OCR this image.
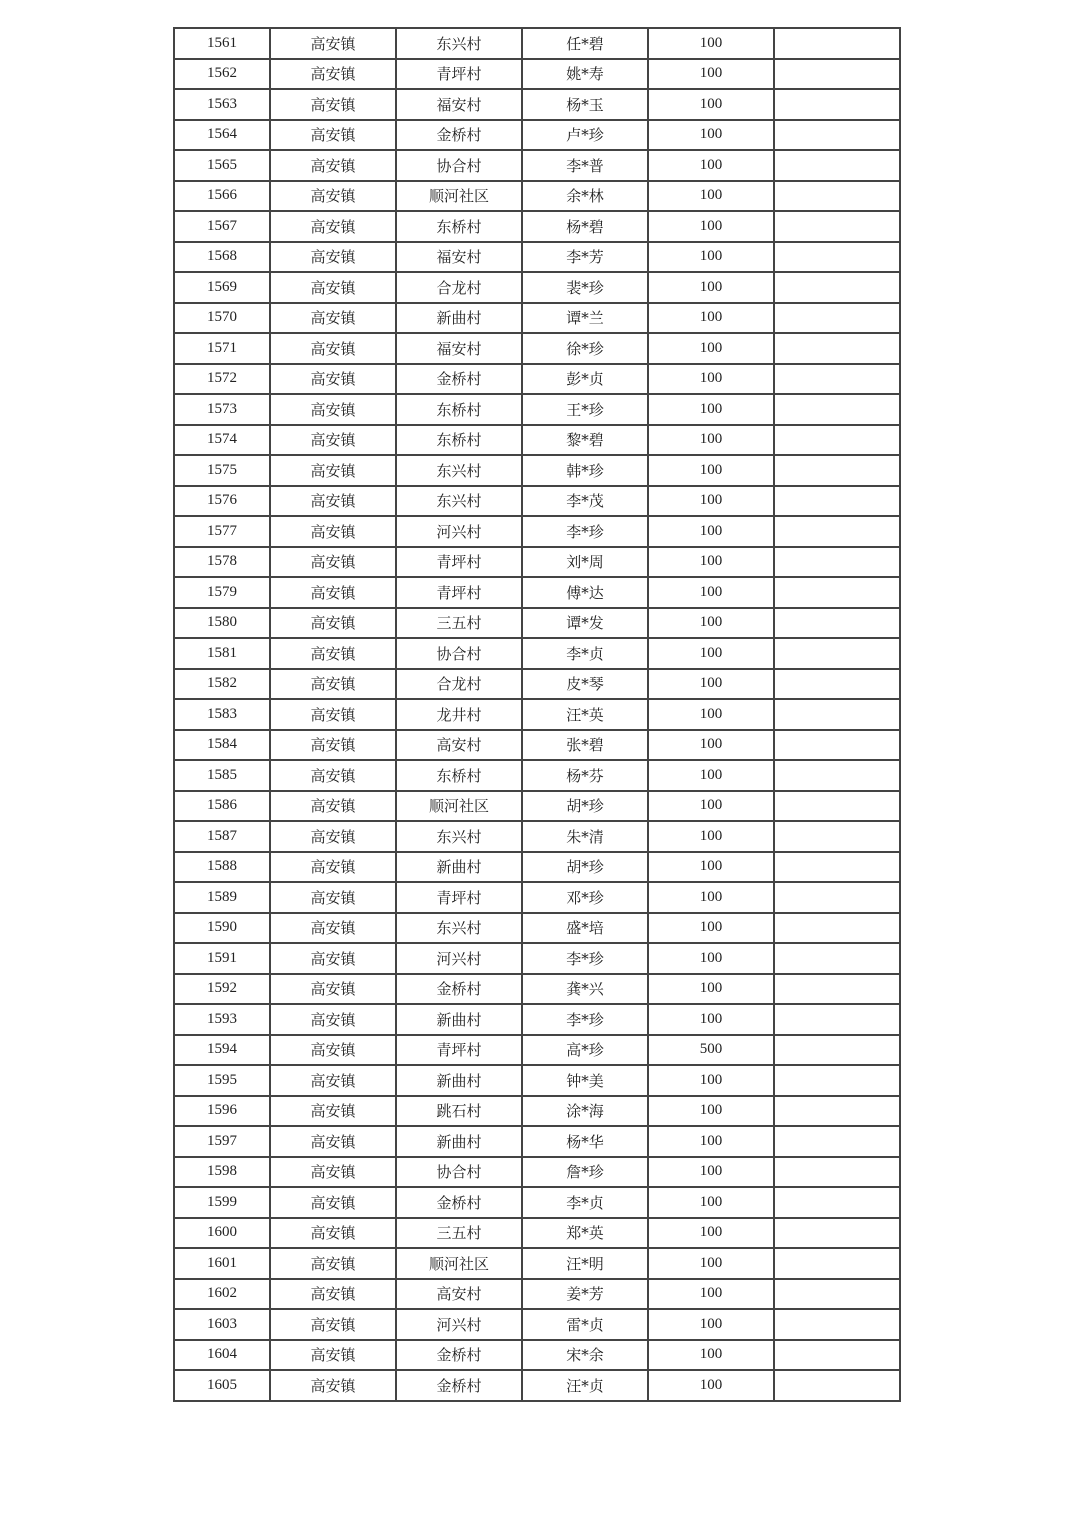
1561	高安镇	东兴村	任*碧	100	
1562	高安镇	青坪村	姚*寿	100	
1563	高安镇	福安村	杨*玉	100	
1564	高安镇	金桥村	卢*珍	100	
1565	高安镇	协合村	李*普	100	
1566	高安镇	顺河社区	余*林	100	
1567	高安镇	东桥村	杨*碧	100	
1568	高安镇	福安村	李*芳	100	
1569	高安镇	合龙村	裴*珍	100	
1570	高安镇	新曲村	谭*兰	100	
1571	高安镇	福安村	徐*珍	100	
1572	高安镇	金桥村	彭*贞	100	
1573	高安镇	东桥村	王*珍	100	
1574	高安镇	东桥村	黎*碧	100	
1575	高安镇	东兴村	韩*珍	100	
1576	高安镇	东兴村	李*茂	100	
1577	高安镇	河兴村	李*珍	100	
1578	高安镇	青坪村	刘*周	100	
1579	高安镇	青坪村	傅*达	100	
1580	高安镇	三五村	谭*发	100	
1581	高安镇	协合村	李*贞	100	
1582	高安镇	合龙村	皮*琴	100	
1583	高安镇	龙井村	汪*英	100	
1584	高安镇	高安村	张*碧	100	
1585	高安镇	东桥村	杨*芬	100	
1586	高安镇	顺河社区	胡*珍	100	
1587	高安镇	东兴村	朱*清	100	
1588	高安镇	新曲村	胡*珍	100	
1589	高安镇	青坪村	邓*珍	100	
1590	高安镇	东兴村	盛*培	100	
1591	高安镇	河兴村	李*珍	100	
1592	高安镇	金桥村	龚*兴	100	
1593	高安镇	新曲村	李*珍	100	
1594	高安镇	青坪村	高*珍	500	
1595	高安镇	新曲村	钟*美	100	
1596	高安镇	跳石村	涂*海	100	
1597	高安镇	新曲村	杨*华	100	
1598	高安镇	协合村	詹*珍	100	
1599	高安镇	金桥村	李*贞	100	
1600	高安镇	三五村	郑*英	100	
1601	高安镇	顺河社区	汪*明	100	
1602	高安镇	高安村	姜*芳	100	
1603	高安镇	河兴村	雷*贞	100	
1604	高安镇	金桥村	宋*余	100	
1605	高安镇	金桥村	汪*贞	100	
